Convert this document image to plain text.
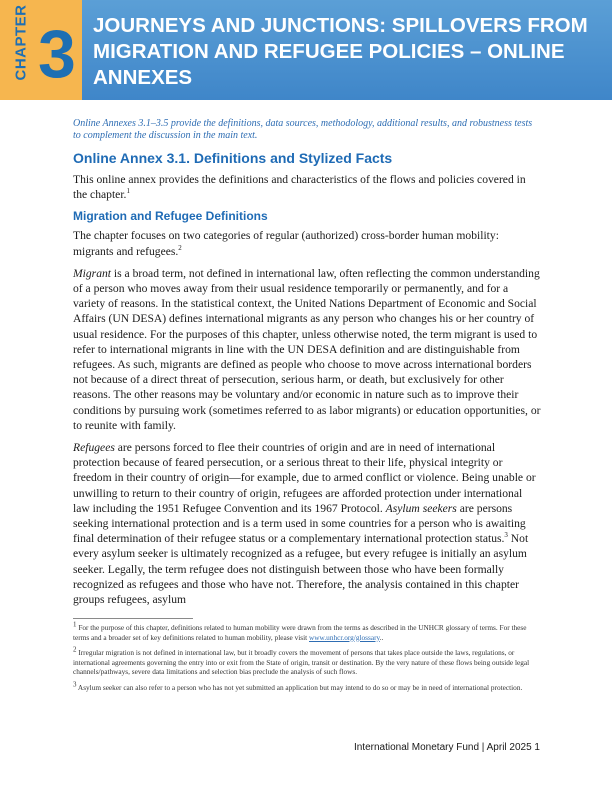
CHAPTER 3 JOURNEYS AND JUNCTIONS: SPILLOVERS FROM MIGRATION AND REFUGEE POLICIES – ONLINE ANNEXES

Online Annexes 3.1–3.5 provide the definitions, data sources, methodology, additional results, and robustness tests to complement the discussion in the main text.

Online Annex 3.1. Definitions and Stylized Facts

This online annex provides the definitions and characteristics of the flows and policies covered in the chapter.$^1$

Migration and Refugee Definitions

The chapter focuses on two categories of regular (authorized) cross-border human mobility: migrants and refugees.$^2$

Migrant is a broad term, not defined in international law, often reflecting the common understanding of a person who moves away from their usual residence temporarily or permanently, and for a variety of reasons. In the statistical context, the United Nations Department of Economic and Social Affairs (UN DESA) defines international migrants as any person who changes his or her country of usual residence. For the purposes of this chapter, unless otherwise noted, the term migrant is used to refer to international migrants in line with the UN DESA definition and are distinguishable from refugees. As such, migrants are defined as people who choose to move across international borders not because of a direct threat of persecution, serious harm, or death, but exclusively for other reasons. The other reasons may be voluntary and/or economic in nature such as to improve their conditions by pursuing work (sometimes referred to as labor migrants) or education opportunities, or to reunite with family.

Refugees are persons forced to flee their countries of origin and are in need of international protection because of feared persecution, or a serious threat to their life, physical integrity or freedom in their country of origin—for example, due to armed conflict or violence. Being unable or unwilling to return to their country of origin, refugees are afforded protection under international law including the 1951 Refugee Convention and its 1967 Protocol. Asylum seekers are persons seeking international protection and is a term used in some countries for a person who is awaiting final determination of their refugee status or a complementary international protection status.$^3$ Not every asylum seeker is ultimately recognized as a refugee, but every refugee is initially an asylum seeker. Legally, the term refugee does not distinguish between those who have been formally recognized as refugees and those who have not. Therefore, the analysis contained in this chapter groups refugees, asylum

$^1$ For the purpose of this chapter, definitions related to human mobility were drawn from the terms as described in the UNHCR glossary of terms. For these terms and a broader set of key definitions related to human mobility, please visit www.unhcr.org/glossary..

$^2$ Irregular migration is not defined in international law, but it broadly covers the movement of persons that takes place outside the laws, regulations, or international agreements governing the entry into or exit from the State of origin, transit or destination. By the very nature of these flows being outside legal channels/pathways, severe data limitations and selection bias preclude the analysis of such flows.

$^3$ Asylum seeker can also refer to a person who has not yet submitted an application but may intend to do so or may be in need of international protection.

International Monetary Fund | April 2025 1
